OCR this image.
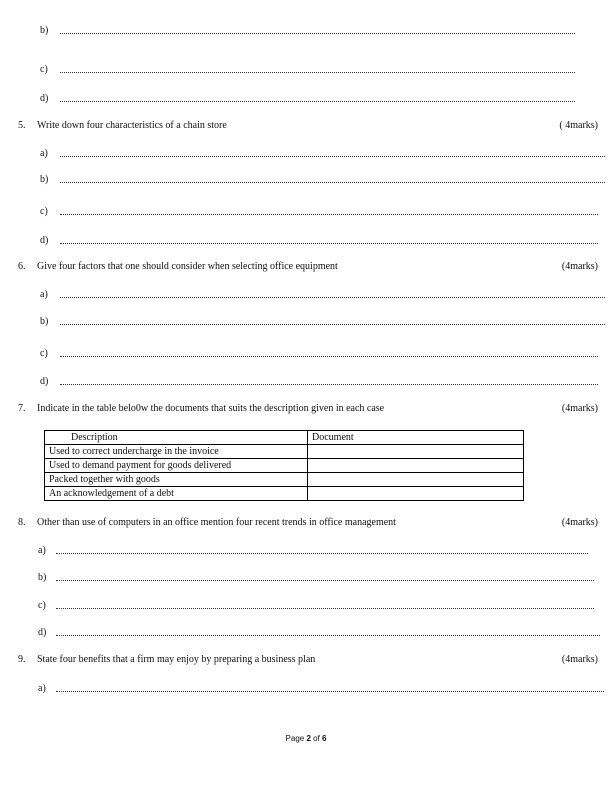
b)
c)
d)
5. Write down four characteristics of a chain store	( 4marks)
a)
b)
c)
d)
6. Give four factors that one should consider when selecting office equipment	(4marks)
a)
b)
c)
d)
7. Indicate in the table belo0w the documents that suits the description given in each case	(4marks)
Description	Document
Used to correct undercharge in the invoice	
Used to demand payment for goods delivered	
Packed together with goods	
An acknowledgement of a debt	
8. Other than use of computers in an office mention four recent trends in office management	(4marks)
a)
b)
c)
d)
9. State four benefits that a firm may enjoy by preparing a business plan	(4marks)
a)
Page 2 of 6
